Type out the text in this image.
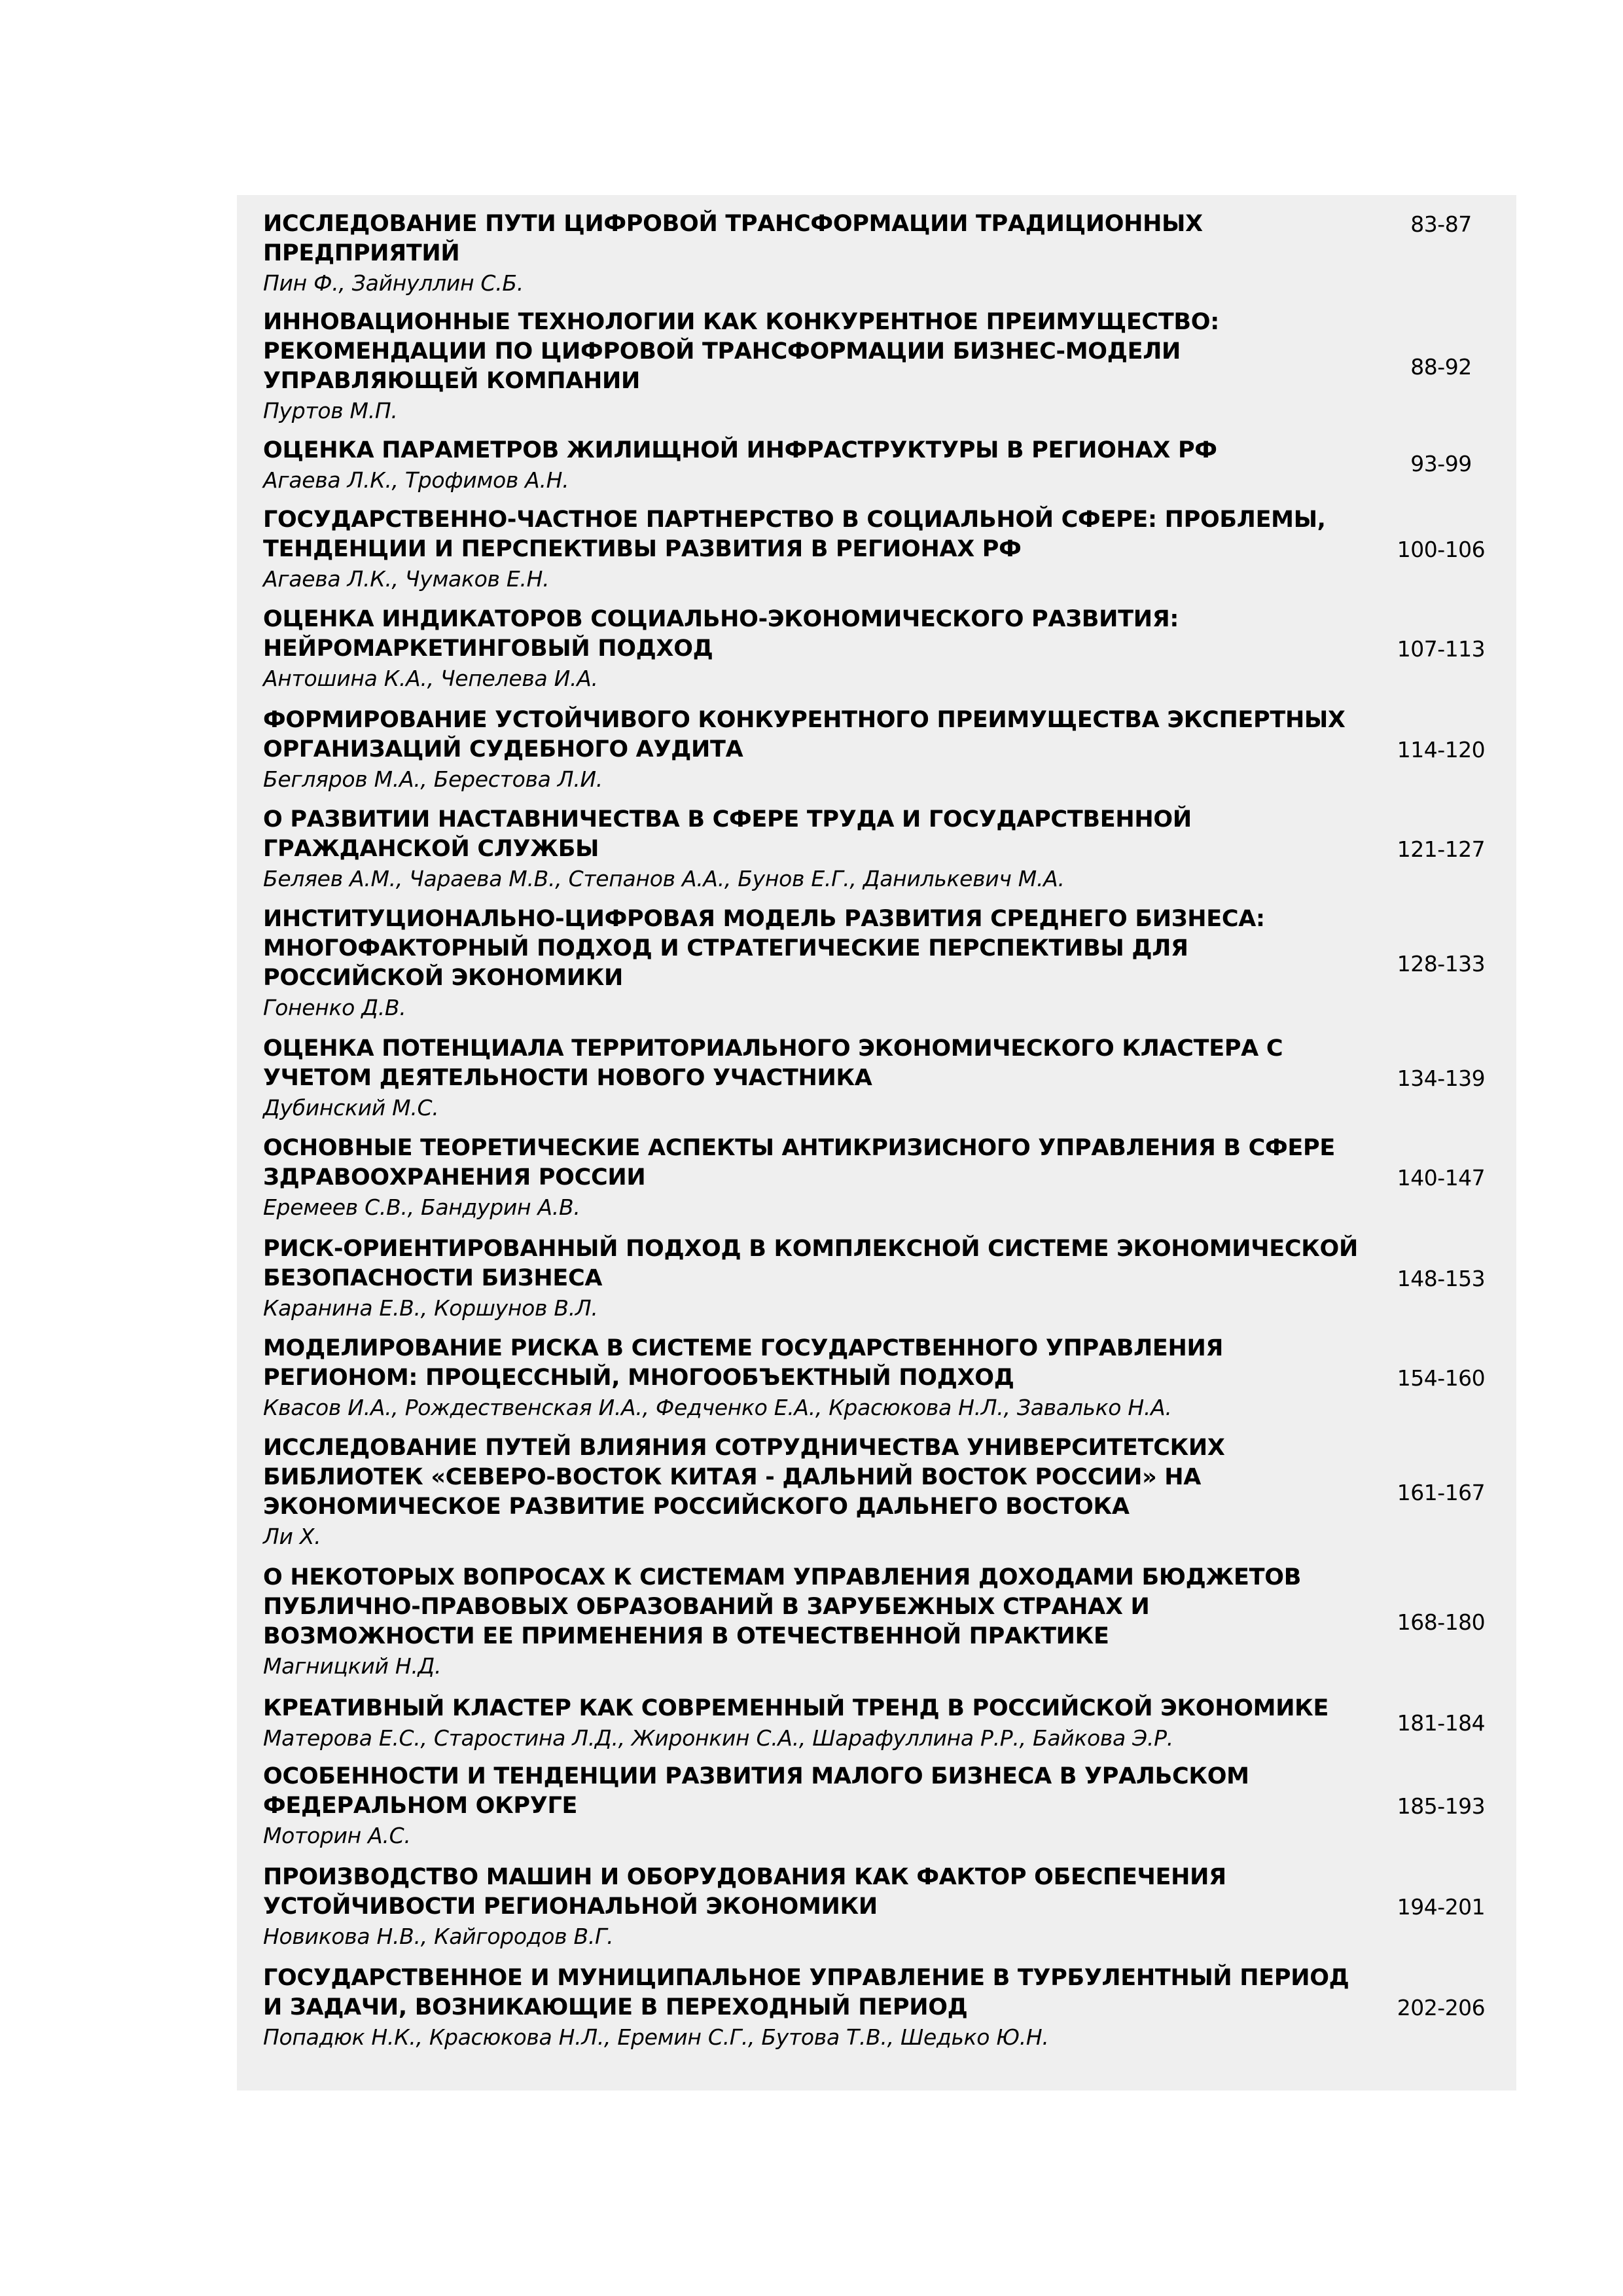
ИССЛЕДОВАНИЕ ПУТИ ЦИФРОВОЙ ТРАНСФОРМАЦИИ ТРАДИЦИОННЫХ ПРЕДПРИЯТИЙ

Пин Ф., Зайнуллин С.Б.

83-87

ИННОВАЦИОННЫЕ ТЕХНОЛОГИИ КАК КОНКУРЕНТНОЕ ПРЕИМУЩЕСТВО: РЕКОМЕНДАЦИИ ПО ЦИФРОВОЙ ТРАНСФОРМАЦИИ БИЗНЕС-МОДЕЛИ УПРАВЛЯЮЩЕЙ КОМПАНИИ

Пуртов М.П.

88-92

ОЦЕНКА ПАРАМЕТРОВ ЖИЛИЩНОЙ ИНФРАСТРУКТУРЫ В РЕГИОНАХ РФ

Агаева Л.К., Трофимов А.Н.

93-99

ГОСУДАРСТВЕННО-ЧАСТНОЕ ПАРТНЕРСТВО В СОЦИАЛЬНОЙ СФЕРЕ: ПРОБЛЕМЫ, ТЕНДЕНЦИИ И ПЕРСПЕКТИВЫ РАЗВИТИЯ В РЕГИОНАХ РФ

Агаева Л.К., Чумаков Е.Н.

100-106

ОЦЕНКА ИНДИКАТОРОВ СОЦИАЛЬНО-ЭКОНОМИЧЕСКОГО РАЗВИТИЯ: НЕЙРОМАРКЕТИНГОВЫЙ ПОДХОД

Антошина К.А., Чепелева И.А.

107-113

ФОРМИРОВАНИЕ УСТОЙЧИВОГО КОНКУРЕНТНОГО ПРЕИМУЩЕСТВА ЭКСПЕРТНЫХ ОРГАНИЗАЦИЙ СУДЕБНОГО АУДИТА

Бегляров М.А., Берестова Л.И.

114-120

О РАЗВИТИИ НАСТАВНИЧЕСТВА В СФЕРЕ ТРУДА И ГОСУДАРСТВЕННОЙ ГРАЖДАНСКОЙ СЛУЖБЫ

Беляев А.М., Чараева М.В., Степанов А.А., Бунов Е.Г., Данилькевич М.А.

121-127

ИНСТИТУЦИОНАЛЬНО-ЦИФРОВАЯ МОДЕЛЬ РАЗВИТИЯ СРЕДНЕГО БИЗНЕСА: МНОГОФАКТОРНЫЙ ПОДХОД И СТРАТЕГИЧЕСКИЕ ПЕРСПЕКТИВЫ ДЛЯ РОССИЙСКОЙ ЭКОНОМИКИ

Гоненко Д.В.

128-133

ОЦЕНКА ПОТЕНЦИАЛА ТЕРРИТОРИАЛЬНОГО ЭКОНОМИЧЕСКОГО КЛАСТЕРА С УЧЕТОМ ДЕЯТЕЛЬНОСТИ НОВОГО УЧАСТНИКА

Дубинский М.С.

134-139

ОСНОВНЫЕ ТЕОРЕТИЧЕСКИЕ АСПЕКТЫ АНТИКРИЗИСНОГО УПРАВЛЕНИЯ В СФЕРЕ ЗДРАВООХРАНЕНИЯ РОССИИ

Еремеев С.В., Бандурин А.В.

140-147

РИСК-ОРИЕНТИРОВАННЫЙ ПОДХОД В КОМПЛЕКСНОЙ СИСТЕМЕ ЭКОНОМИЧЕСКОЙ БЕЗОПАСНОСТИ БИЗНЕСА

Каранина Е.В., Коршунов В.Л.

148-153

МОДЕЛИРОВАНИЕ РИСКА В СИСТЕМЕ ГОСУДАРСТВЕННОГО УПРАВЛЕНИЯ РЕГИОНОМ: ПРОЦЕССНЫЙ, МНОГООБЪЕКТНЫЙ ПОДХОД

Квасов И.А., Рождественская И.А., Федченко Е.А., Красюкова Н.Л., Завалько Н.А.

154-160

ИССЛЕДОВАНИЕ ПУТЕЙ ВЛИЯНИЯ СОТРУДНИЧЕСТВА УНИВЕРСИТЕТСКИХ БИБЛИОТЕК «СЕВЕРО-ВОСТОК КИТАЯ - ДАЛЬНИЙ ВОСТОК РОССИИ» НА ЭКОНОМИЧЕСКОЕ РАЗВИТИЕ РОССИЙСКОГО ДАЛЬНЕГО ВОСТОКА

Ли Х.

161-167

О НЕКОТОРЫХ ВОПРОСАХ К СИСТЕМАМ УПРАВЛЕНИЯ ДОХОДАМИ БЮДЖЕТОВ ПУБЛИЧНО-ПРАВОВЫХ ОБРАЗОВАНИЙ В ЗАРУБЕЖНЫХ СТРАНАХ И ВОЗМОЖНОСТИ ЕЕ ПРИМЕНЕНИЯ В ОТЕЧЕСТВЕННОЙ ПРАКТИКЕ

Магницкий Н.Д.

168-180

КРЕАТИВНЫЙ КЛАСТЕР КАК СОВРЕМЕННЫЙ ТРЕНД В РОССИЙСКОЙ ЭКОНОМИКЕ

Матерова Е.С., Старостина Л.Д., Жиронкин С.А., Шарафуллина Р.Р., Байкова Э.Р.

181-184

ОСОБЕННОСТИ И ТЕНДЕНЦИИ РАЗВИТИЯ МАЛОГО БИЗНЕСА В УРАЛЬСКОМ ФЕДЕРАЛЬНОМ ОКРУГЕ

Моторин А.С.

185-193

ПРОИЗВОДСТВО МАШИН И ОБОРУДОВАНИЯ КАК ФАКТОР ОБЕСПЕЧЕНИЯ УСТОЙЧИВОСТИ РЕГИОНАЛЬНОЙ ЭКОНОМИКИ

Новикова Н.В., Кайгородов В.Г.

194-201

ГОСУДАРСТВЕННОЕ И МУНИЦИПАЛЬНОЕ УПРАВЛЕНИЕ В ТУРБУЛЕНТНЫЙ ПЕРИОД И ЗАДАЧИ, ВОЗНИКАЮЩИЕ В ПЕРЕХОДНЫЙ ПЕРИОД

Попадюк Н.К., Красюкова Н.Л., Еремин С.Г., Бутова Т.В., Шедько Ю.Н.

202-206
